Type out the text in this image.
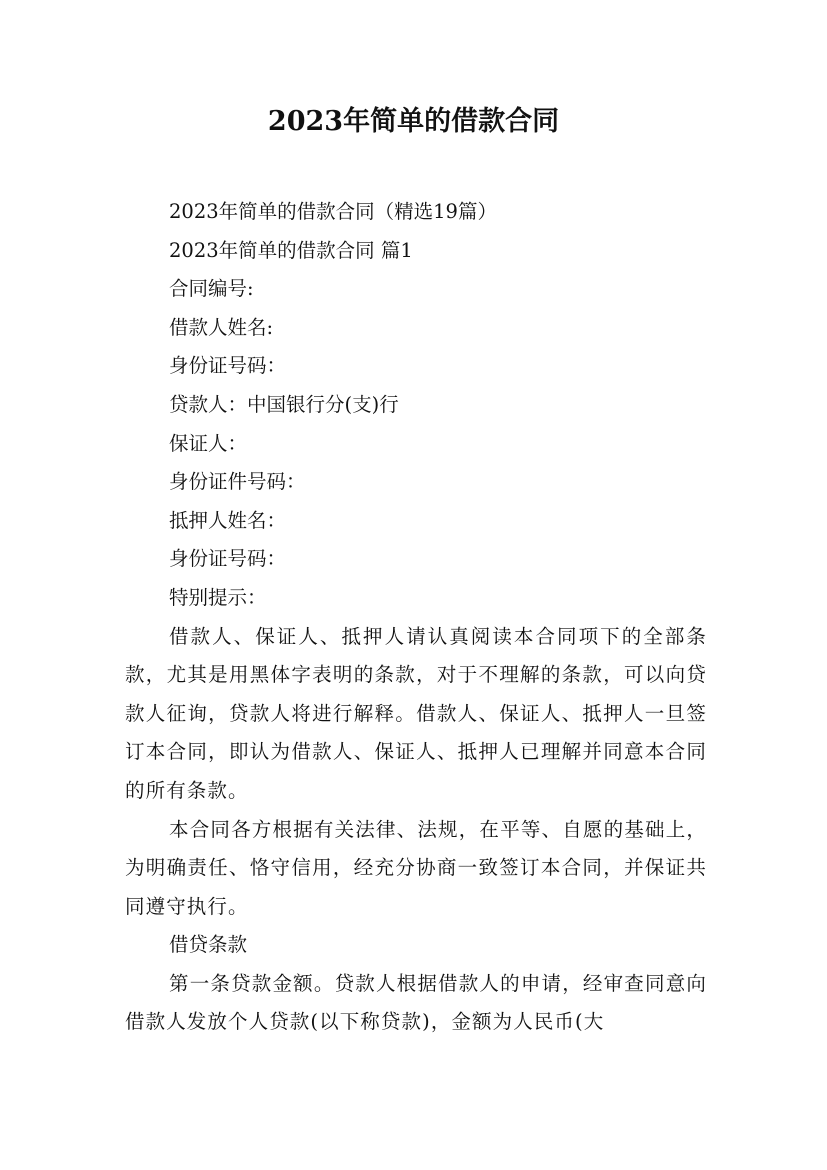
2023年简单的借款合同
2023年简单的借款合同（精选19篇）
2023年简单的借款合同 篇1
合同编号:
借款人姓名:
身份证号码：
贷款人：中国银行分(支)行
保证人：
身份证件号码：
抵押人姓名：
身份证号码：
特别提示：

借款人、保证人、抵押人请认真阅读本合同项下的全部条款，尤其是用黑体字表明的条款，对于不理解的条款，可以向贷款人征询，贷款人将进行解释。借款人、保证人、抵押人一旦签订本合同，即认为借款人、保证人、抵押人已理解并同意本合同的所有条款。

本合同各方根据有关法律、法规，在平等、自愿的基础上，为明确责任、恪守信用，经充分协商一致签订本合同，并保证共同遵守执行。

借贷条款

第一条贷款金额。贷款人根据借款人的申请，经审查同意向借款人发放个人贷款(以下称贷款)，金额为人民币(大
